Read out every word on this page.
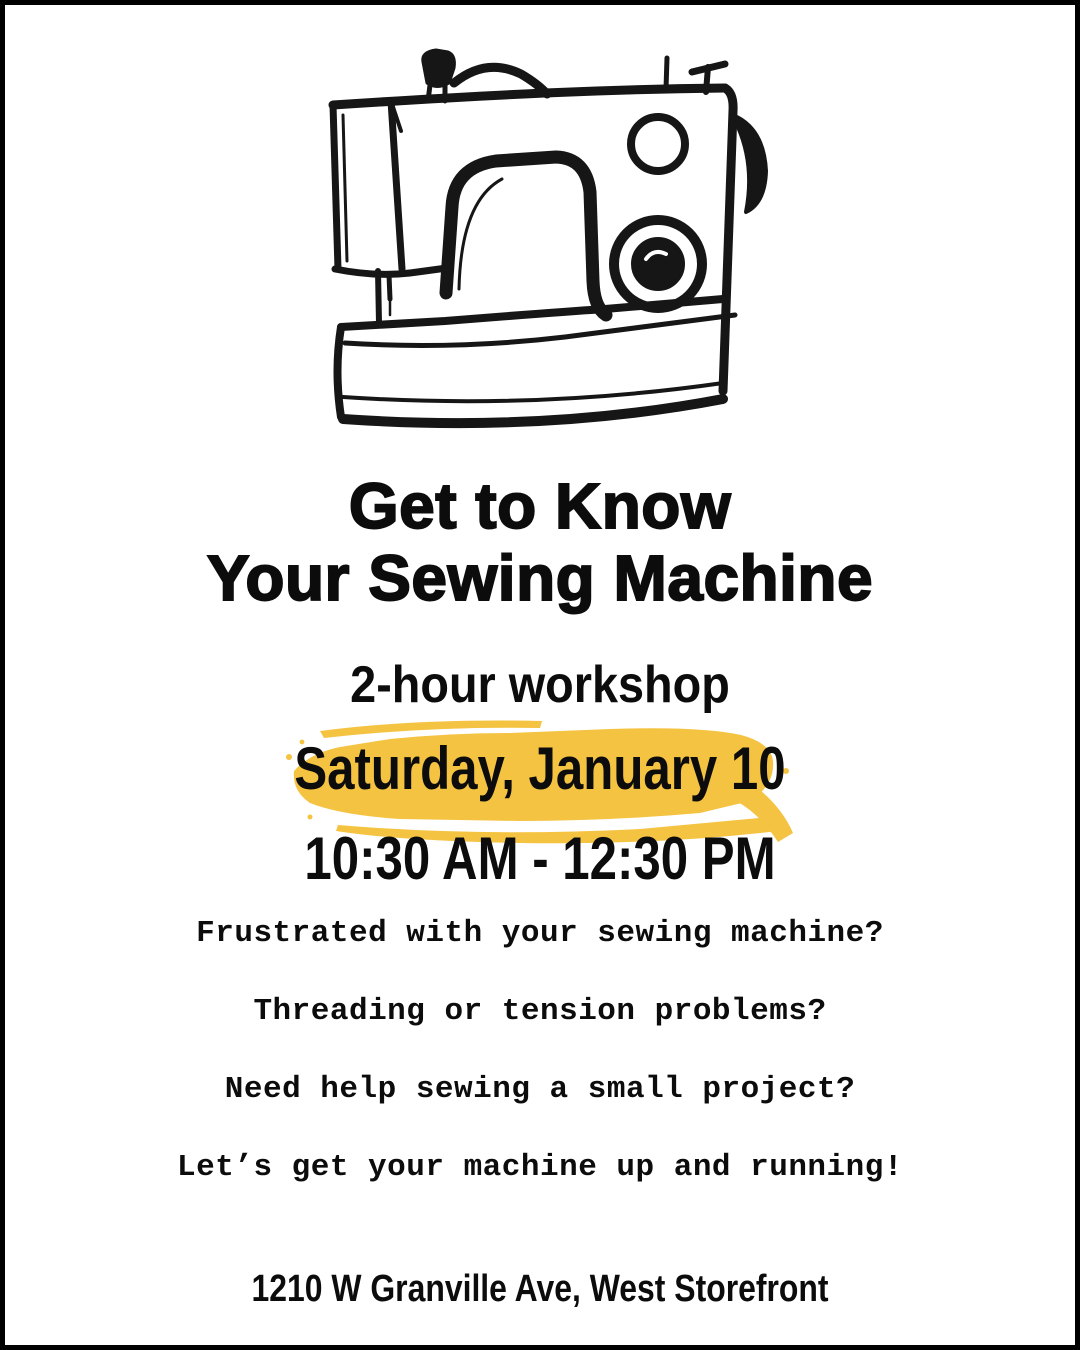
Get to Know
Your Sewing Machine
2-hour workshop
Saturday, January 10
10:30 AM - 12:30 PM

Frustrated with your sewing machine?

Threading or tension problems?

Need help sewing a small project?

Let’s get your machine up and running!

1210 W Granville Ave, West Storefront
